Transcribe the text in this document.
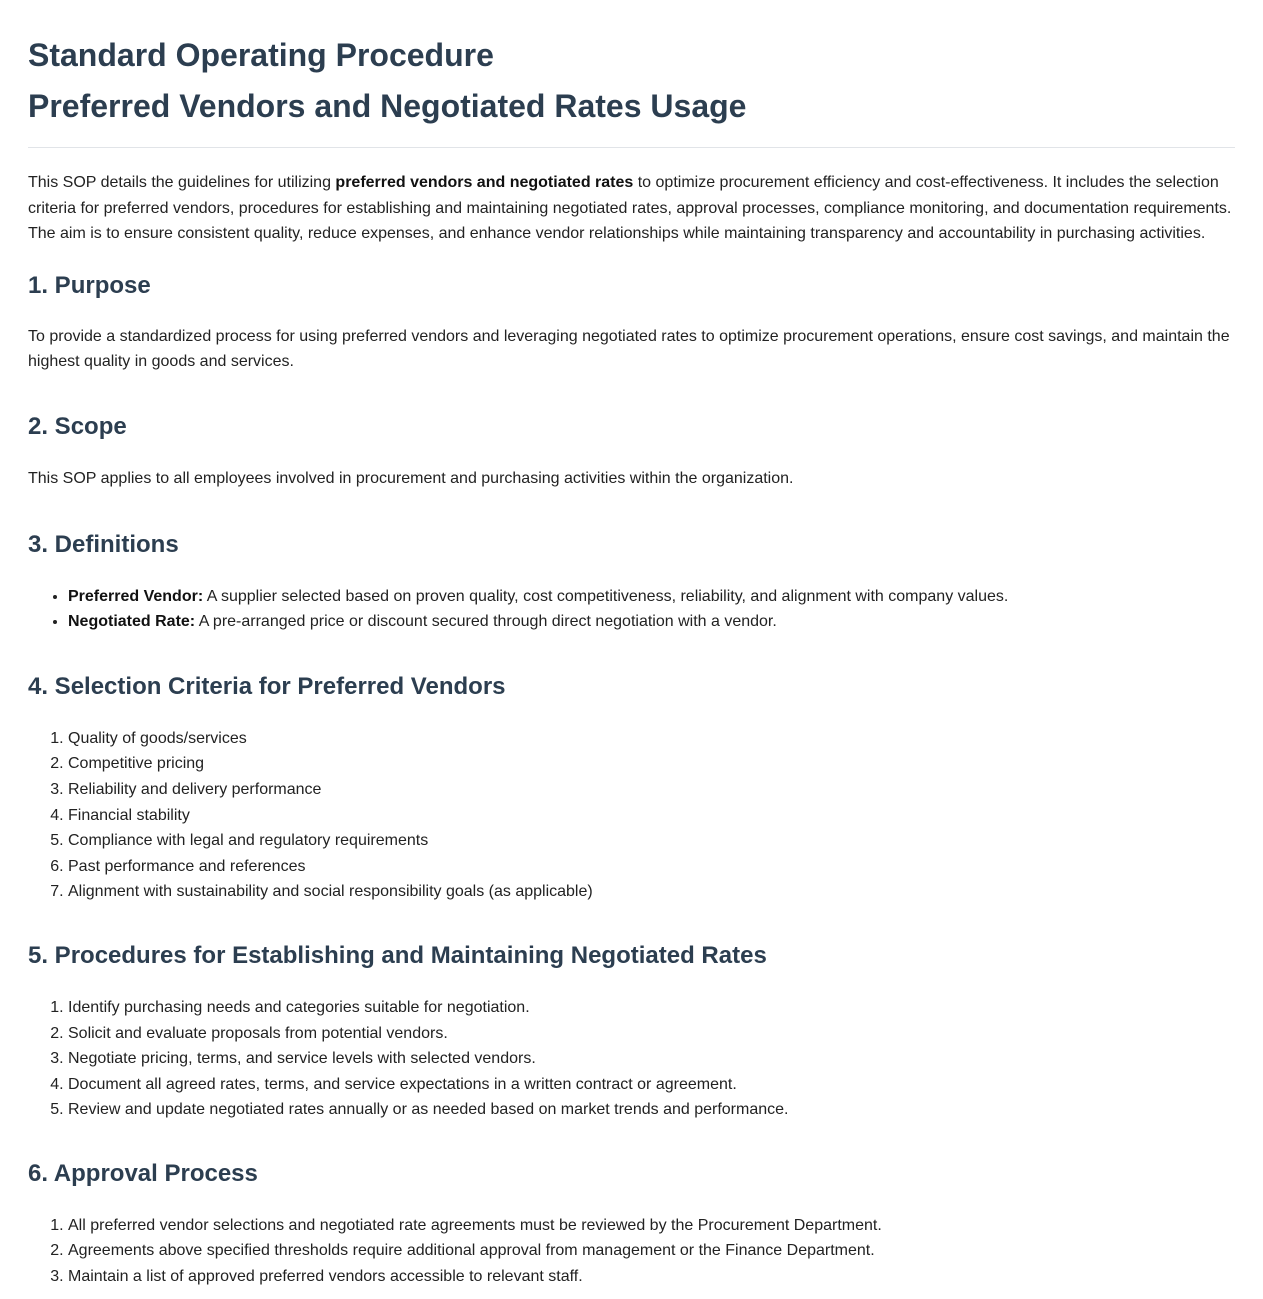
Standard Operating Procedure
Preferred Vendors and Negotiated Rates Usage

This SOP details the guidelines for utilizing preferred vendors and negotiated rates to optimize procurement efficiency and cost-effectiveness. It includes the selection criteria for preferred vendors, procedures for establishing and maintaining negotiated rates, approval processes, compliance monitoring, and documentation requirements. The aim is to ensure consistent quality, reduce expenses, and enhance vendor relationships while maintaining transparency and accountability in purchasing activities.

1. Purpose

To provide a standardized process for using preferred vendors and leveraging negotiated rates to optimize procurement operations, ensure cost savings, and maintain the highest quality in goods and services.

2. Scope

This SOP applies to all employees involved in procurement and purchasing activities within the organization.

3. Definitions
• Preferred Vendor: A supplier selected based on proven quality, cost competitiveness, reliability, and alignment with company values.
• Negotiated Rate: A pre-arranged price or discount secured through direct negotiation with a vendor.
4. Selection Criteria for Preferred Vendors
1. Quality of goods/services
2. Competitive pricing
3. Reliability and delivery performance
4. Financial stability
5. Compliance with legal and regulatory requirements
6. Past performance and references
7. Alignment with sustainability and social responsibility goals (as applicable)
5. Procedures for Establishing and Maintaining Negotiated Rates
1. Identify purchasing needs and categories suitable for negotiation.
2. Solicit and evaluate proposals from potential vendors.
3. Negotiate pricing, terms, and service levels with selected vendors.
4. Document all agreed rates, terms, and service expectations in a written contract or agreement.
5. Review and update negotiated rates annually or as needed based on market trends and performance.
6. Approval Process
1. All preferred vendor selections and negotiated rate agreements must be reviewed by the Procurement Department.
2. Agreements above specified thresholds require additional approval from management or the Finance Department.
3. Maintain a list of approved preferred vendors accessible to relevant staff.
